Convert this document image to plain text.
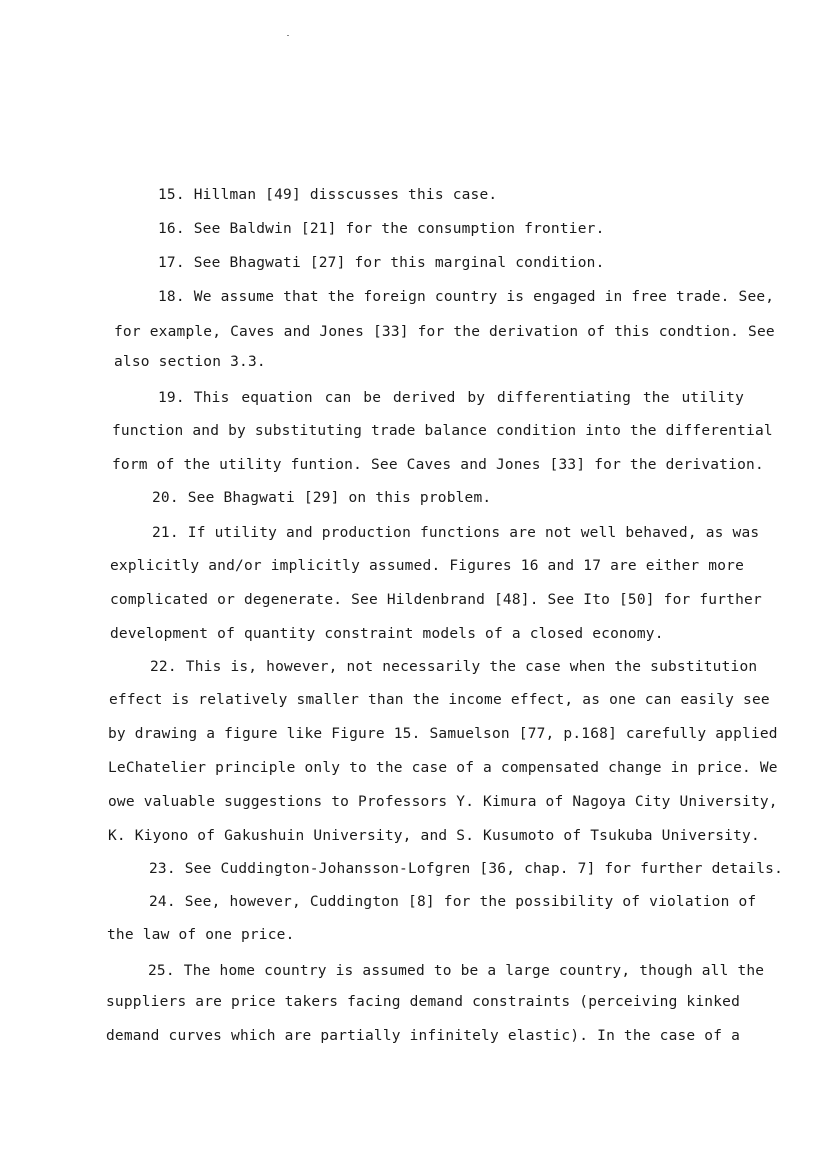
15. Hillman [49] disscusses this case.
16. See Baldwin [21] for the consumption frontier.
17. See Bhagwati [27] for this marginal condition.
18. We assume that the foreign country is engaged in free trade. See,
for example, Caves and Jones [33] for the derivation of this condtion. See
also section 3.3.
19. This equation can be derived by differentiating the utility
function and by substituting trade balance condition into the differential
form of the utility funtion. See Caves and Jones [33] for the derivation.
20. See Bhagwati [29] on this problem.
21. If utility and production functions are not well behaved, as was
explicitly and/or implicitly assumed. Figures 16 and 17 are either more
complicated or degenerate. See Hildenbrand [48]. See Ito [50] for further
development of quantity constraint models of a closed economy.
22. This is, however, not necessarily the case when the substitution
effect is relatively smaller than the income effect, as one can easily see
by drawing a figure like Figure 15. Samuelson [77, p.168] carefully applied
LeChatelier principle only to the case of a compensated change in price. We
owe valuable suggestions to Professors Y. Kimura of Nagoya City University,
K. Kiyono of Gakushuin University, and S. Kusumoto of Tsukuba University.
23. See Cuddington-Johansson-Lofgren [36, chap. 7] for further details.
24. See, however, Cuddington [8] for the possibility of violation of
the law of one price.
25. The home country is assumed to be a large country, though all the
suppliers are price takers facing demand constraints (perceiving kinked
demand curves which are partially infinitely elastic). In the case of a
